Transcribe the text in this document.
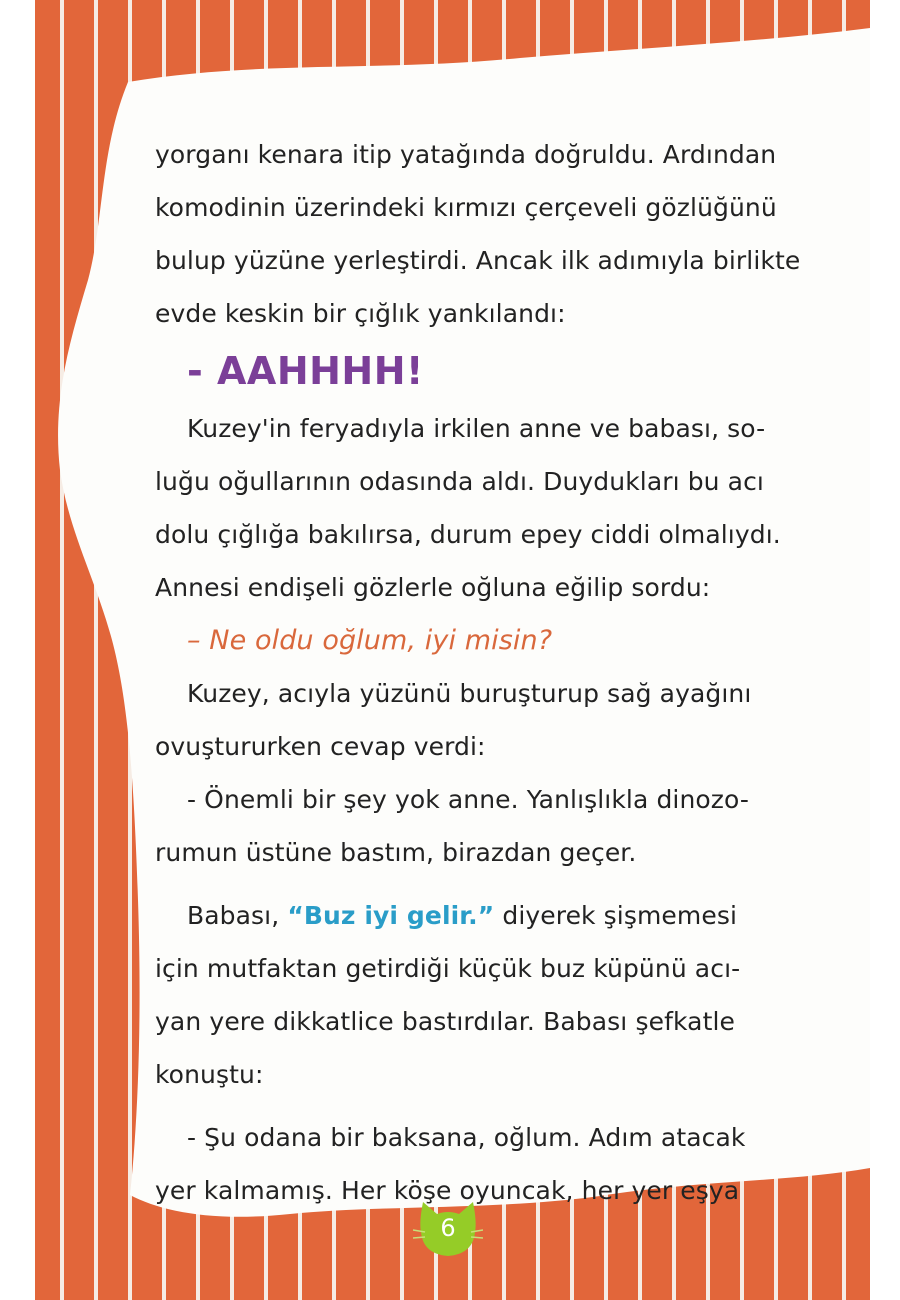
yorganı kenara itip yatağında doğruldu. Ardından
komodinin üzerindeki kırmızı çerçeveli gözlüğünü
bulup yüzüne yerleştirdi. Ancak ilk adımıyla birlikte
evde keskin bir çığlık yankılandı:
- AAHHHH!
Kuzey'in feryadıyla irkilen anne ve babası, so-
luğu oğullarının odasında aldı. Duydukları bu acı
dolu çığlığa bakılırsa, durum epey ciddi olmalıydı.
Annesi endişeli gözlerle oğluna eğilip sordu:
– Ne oldu oğlum, iyi misin?
Kuzey, acıyla yüzünü buruşturup sağ ayağını
ovuştururken cevap verdi:
- Önemli bir şey yok anne. Yanlışlıkla dinozo-
rumun üstüne bastım, birazdan geçer.
Babası, “Buz iyi gelir.” diyerek şişmemesi
için mutfaktan getirdiği küçük buz küpünü acı-
yan yere dikkatlice bastırdılar. Babası şefkatle
konuştu:
- Şu odana bir baksana, oğlum. Adım atacak
yer kalmamış. Her köşe oyuncak, her yer eşya
6
